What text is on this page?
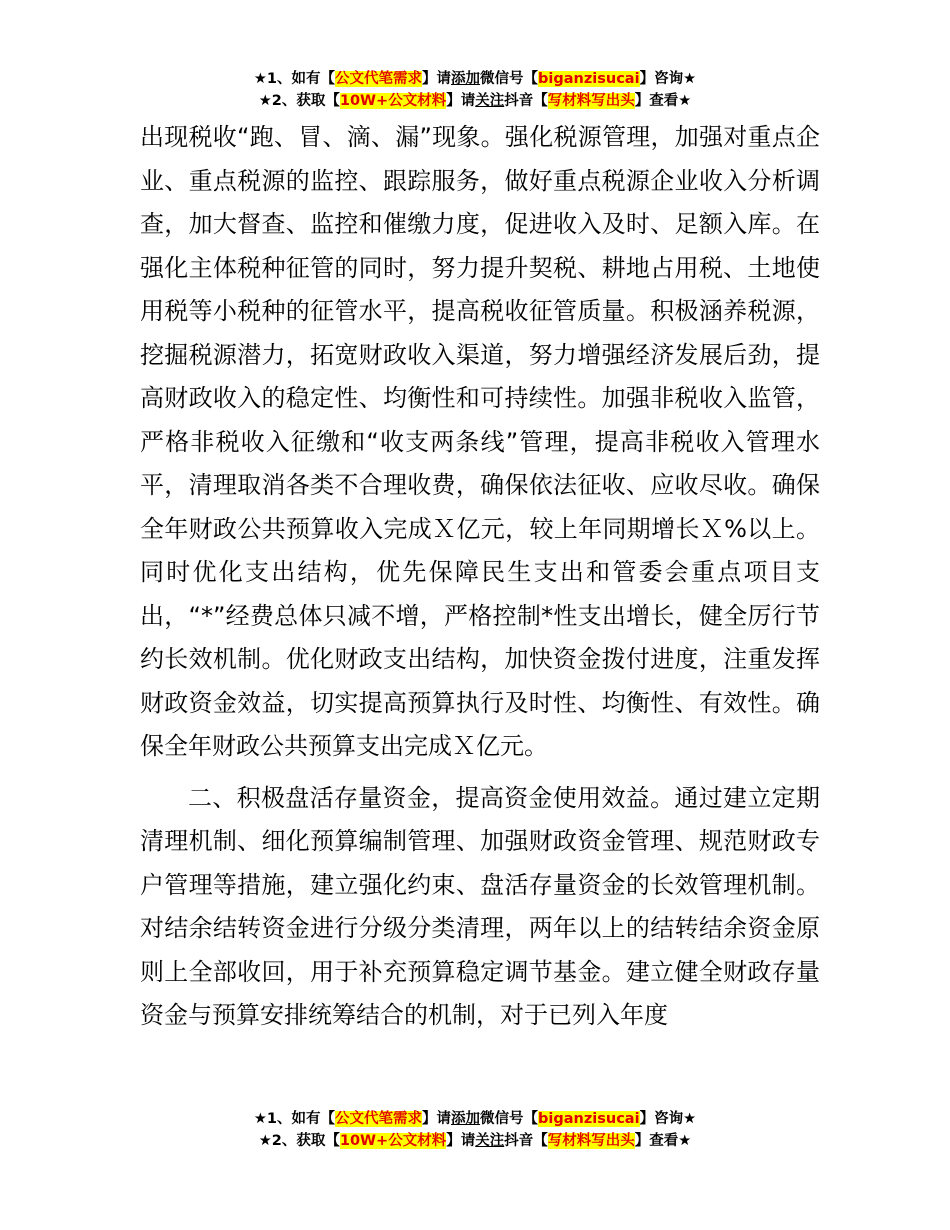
★1、如有【公文代笔需求】请添加微信号【biganzisucai】咨询★
★2、获取【10W+公文材料】请关注抖音【写材料写出头】查看★

出现税收“跑、冒、滴、漏”现象。强化税源管理，加强对重点企业、重点税源的监控、跟踪服务，做好重点税源企业收入分析调查，加大督查、监控和催缴力度，促进收入及时、足额入库。在强化主体税种征管的同时，努力提升契税、耕地占用税、土地使用税等小税种的征管水平，提高税收征管质量。积极涵养税源，挖掘税源潜力，拓宽财政收入渠道，努力增强经济发展后劲，提高财政收入的稳定性、均衡性和可持续性。加强非税收入监管，严格非税收入征缴和“收支两条线”管理，提高非税收入管理水平，清理取消各类不合理收费，确保依法征收、应收尽收。确保全年财政公共预算收入完成Ｘ亿元，较上年同期增长Ｘ%以上。同时优化支出结构，优先保障民生支出和管委会重点项目支出，“*”经费总体只减不增，严格控制*性支出增长，健全厉行节约长效机制。优化财政支出结构，加快资金拨付进度，注重发挥财政资金效益，切实提高预算执行及时性、均衡性、有效性。确保全年财政公共预算支出完成Ｘ亿元。

二、积极盘活存量资金，提高资金使用效益。通过建立定期清理机制、细化预算编制管理、加强财政资金管理、规范财政专户管理等措施，建立强化约束、盘活存量资金的长效管理机制。对结余结转资金进行分级分类清理，两年以上的结转结余资金原则上全部收回，用于补充预算稳定调节基金。建立健全财政存量资金与预算安排统筹结合的机制，对于已列入年度

★1、如有【公文代笔需求】请添加微信号【biganzisucai】咨询★
★2、获取【10W+公文材料】请关注抖音【写材料写出头】查看★
